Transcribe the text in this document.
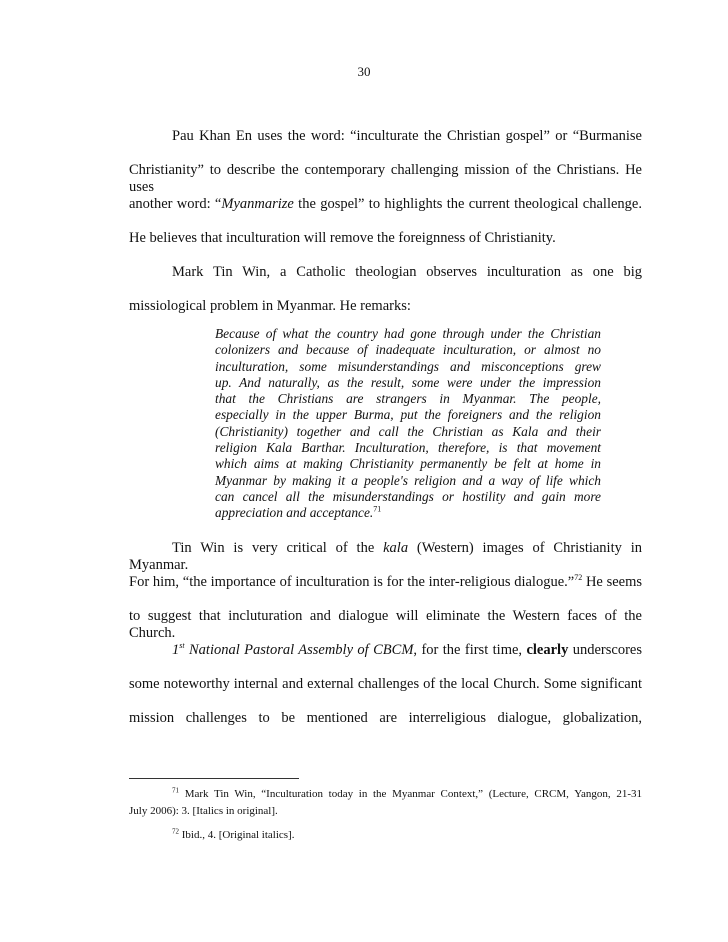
30
Pau Khan En uses the word: “inculturate the Christian gospel” or “Burmanise
Christianity” to describe the contemporary challenging mission of the Christians. He uses
another word: “Myanmarize the gospel” to highlights the current theological challenge.
He believes that inculturation will remove the foreignness of Christianity.
Mark Tin Win, a Catholic theologian observes inculturation as one big
missiological problem in Myanmar. He remarks:
Because of what the country had gone through under the Christian
colonizers and because of inadequate inculturation, or almost no
inculturation, some misunderstandings and misconceptions grew
up. And naturally, as the result, some were under the impression
that the Christians are strangers in Myanmar. The people,
especially in the upper Burma, put the foreigners and the religion
(Christianity) together and call the Christian as Kala and their
religion Kala Barthar. Inculturation, therefore, is that movement
which aims at making Christianity permanently be felt at home in
Myanmar by making it a people's religion and a way of life which
can cancel all the misunderstandings or hostility and gain more
appreciation and acceptance.$^{71}$
Tin Win is very critical of the kala (Western) images of Christianity in Myanmar.
For him, “the importance of inculturation is for the inter-religious dialogue.”$^{72}$ He seems
to suggest that incluturation and dialogue will eliminate the Western faces of the Church.
1st National Pastoral Assembly of CBCM, for the first time, clearly underscores
some noteworthy internal and external challenges of the local Church. Some significant
mission challenges to be mentioned are interreligious dialogue, globalization,
$^{71}$ Mark Tin Win, “Inculturation today in the Myanmar Context,” (Lecture, CRCM, Yangon, 21-31
July 2006): 3. [Italics in original].
$^{72}$ Ibid., 4. [Original italics].
